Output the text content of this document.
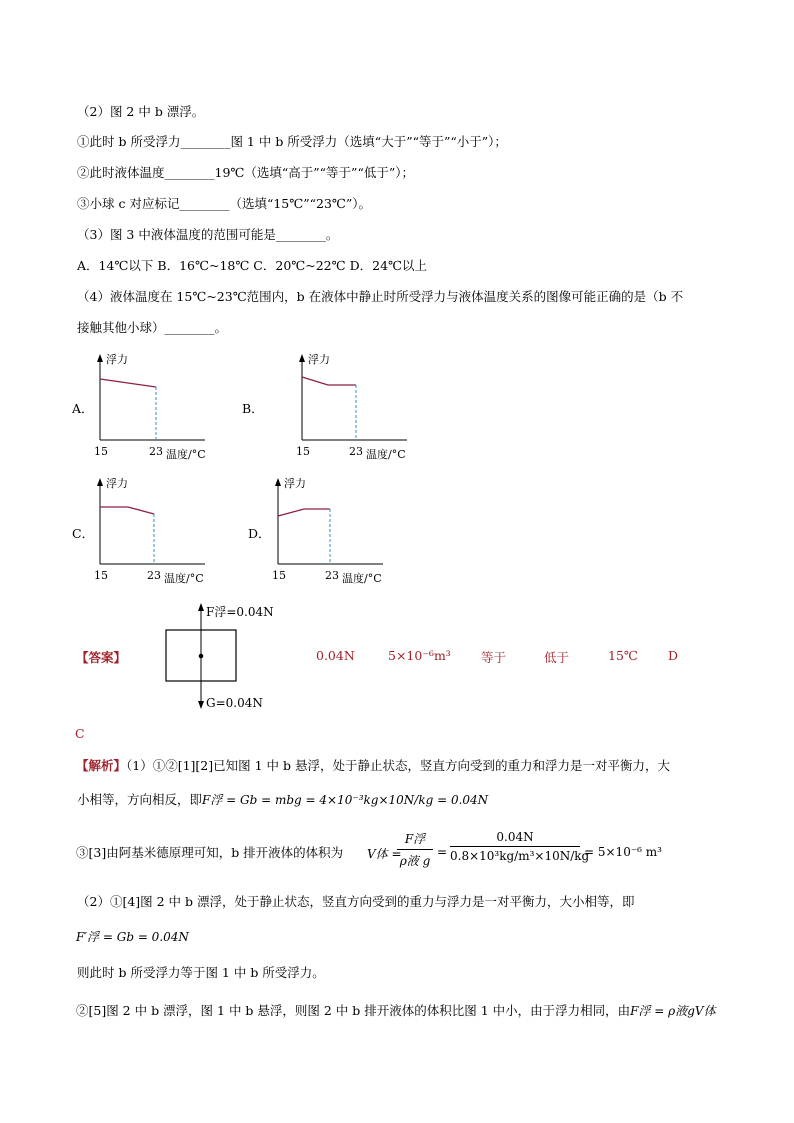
（2）图 2 中 b 漂浮。
①此时 b 所受浮力________图 1 中 b 所受浮力（选填“大于”“等于”“小于”）；
②此时液体温度________19℃（选填“高于”“等于”“低于”）；
③小球 c 对应标记________（选填“15℃”“23℃”）。
（3）图 3 中液体温度的范围可能是________。
A．14℃以下 B．16℃~18℃ C．20℃~22℃ D．24℃以上
（4）液体温度在 15℃~23℃范围内，b 在液体中静止时所受浮力与液体温度关系的图像可能正确的是（b 不
接触其他小球）________。
A．	B．
C．	D．
浮力
15	23 温度/°C
浮力
15	23 温度/°C
浮力
15	23 温度/°C
浮力
15	23 温度/°C
【答案】
F浮=0.04N
G=0.04N
0.04N	5×10⁻⁶m³ 等于	低于	15℃ D
C
【解析】（1）①②[1][2]已知图 1 中 b 悬浮，处于静止状态，竖直方向受到的重力和浮力是一对平衡力，大
小相等，方向相反，即F浮 = Gb = mbg = 4×10⁻³kg×10N/kg = 0.04N
③[3]由阿基米德原理可知，b 排开液体的体积为 V体 =
F浮
ρ液 g
=
0.04N
0.8×10³kg/m³×10N/kg
= 5×10⁻⁶ m³
（2）①[4]图 2 中 b 漂浮，处于静止状态，竖直方向受到的重力与浮力是一对平衡力，大小相等，即
F′浮 = Gb = 0.04N
则此时 b 所受浮力等于图 1 中 b 所受浮力。
②[5]图 2 中 b 漂浮，图 1 中 b 悬浮，则图 2 中 b 排开液体的体积比图 1 中小，由于浮力相同，由F浮 = ρ液gV体
